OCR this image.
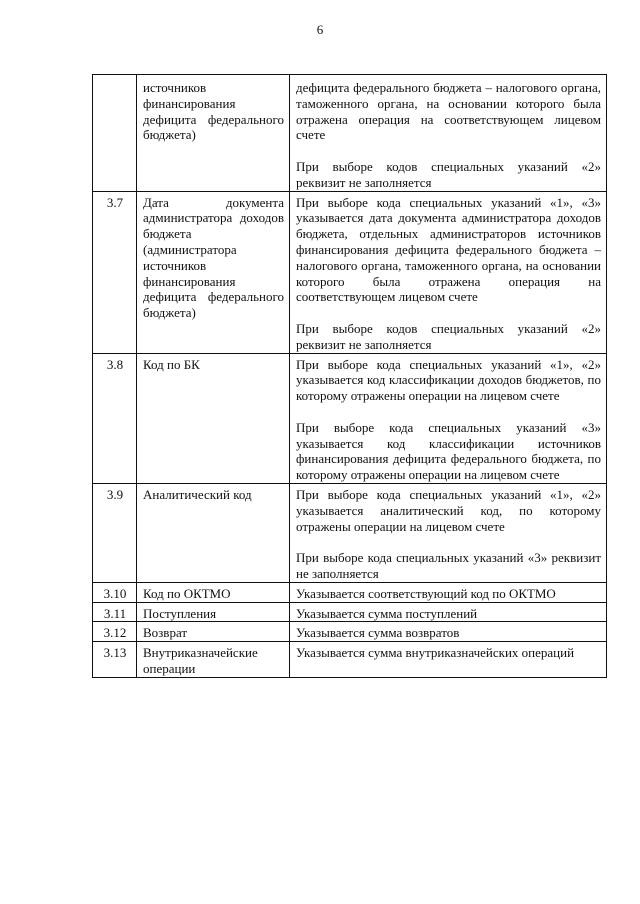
6
	источников финансирования дефицита федерального бюджета)	дефицита федерального бюджета – налогового органа, таможенного органа, на основании которого была отражена операция на соответствующем лицевом счете
При выборе кодов специальных указаний «2» реквизит не заполняется

3.7	Дата документа администратора доходов бюджета (администратора источников финансирования дефицита федерального бюджета)	При выборе кода специальных указаний «1», «3» указывается дата документа администратора доходов бюджета, отдельных администраторов источников финансирования дефицита федерального бюджета – налогового органа, таможенного органа, на основании которого была отражена операция на соответствующем лицевом счете
При выборе кодов специальных указаний «2» реквизит не заполняется

3.8	Код по БК	При выборе кода специальных указаний «1», «2» указывается код классификации доходов бюджетов, по которому отражены операции на лицевом счете
При выборе кода специальных указаний «3» указывается код классификации источников финансирования дефицита федерального бюджета, по которому отражены операции на лицевом счете

3.9	Аналитический код	При выборе кода специальных указаний «1», «2» указывается аналитический код, по которому отражены операции на лицевом счете
При выборе кода специальных указаний «3» реквизит не заполняется

3.10	Код по ОКТМО	Указывается соответствующий код по ОКТМО

3.11	Поступления	Указывается сумма поступлений

3.12	Возврат	Указывается сумма возвратов

3.13	Внутриказначейские операции	Указывается сумма внутриказначейских операций
